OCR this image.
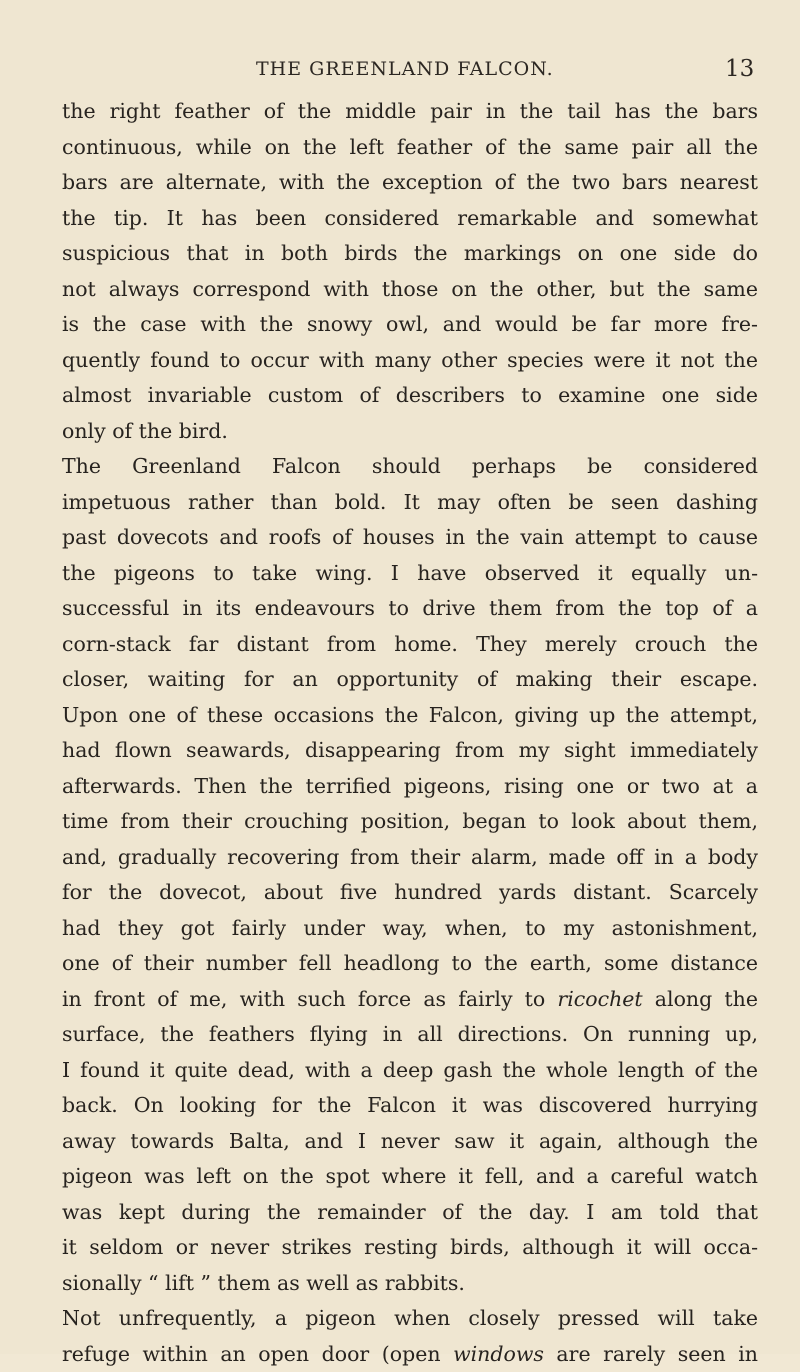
THE GREENLAND FALCON.	13
the right feather of the middle pair in the tail has the bars
continuous, while on the left feather of the same pair all the
bars are alternate, with the exception of the two bars nearest
the tip. It has been considered remarkable and somewhat
suspicious that in both birds the markings on one side do
not always correspond with those on the other, but the same
is the case with the snowy owl, and would be far more fre-
quently found to occur with many other species were it not the
almost invariable custom of describers to examine one side
only of the bird.
The Greenland Falcon should perhaps be considered
impetuous rather than bold. It may often be seen dashing
past dovecots and roofs of houses in the vain attempt to cause
the pigeons to take wing. I have observed it equally un-
successful in its endeavours to drive them from the top of a
corn-stack far distant from home. They merely crouch the
closer, waiting for an opportunity of making their escape.
Upon one of these occasions the Falcon, giving up the attempt,
had flown seawards, disappearing from my sight immediately
afterwards. Then the terrified pigeons, rising one or two at a
time from their crouching position, began to look about them,
and, gradually recovering from their alarm, made off in a body
for the dovecot, about five hundred yards distant. Scarcely
had they got fairly under way, when, to my astonishment,
one of their number fell headlong to the earth, some distance
in front of me, with such force as fairly to ricochet along the
surface, the feathers flying in all directions. On running up,
I found it quite dead, with a deep gash the whole length of the
back. On looking for the Falcon it was discovered hurrying
away towards Balta, and I never saw it again, although the
pigeon was left on the spot where it fell, and a careful watch
was kept during the remainder of the day. I am told that
it seldom or never strikes resting birds, although it will occa-
sionally “ lift ” them as well as rabbits.
Not unfrequently, a pigeon when closely pressed will take
refuge within an open door (open windows are rarely seen in
